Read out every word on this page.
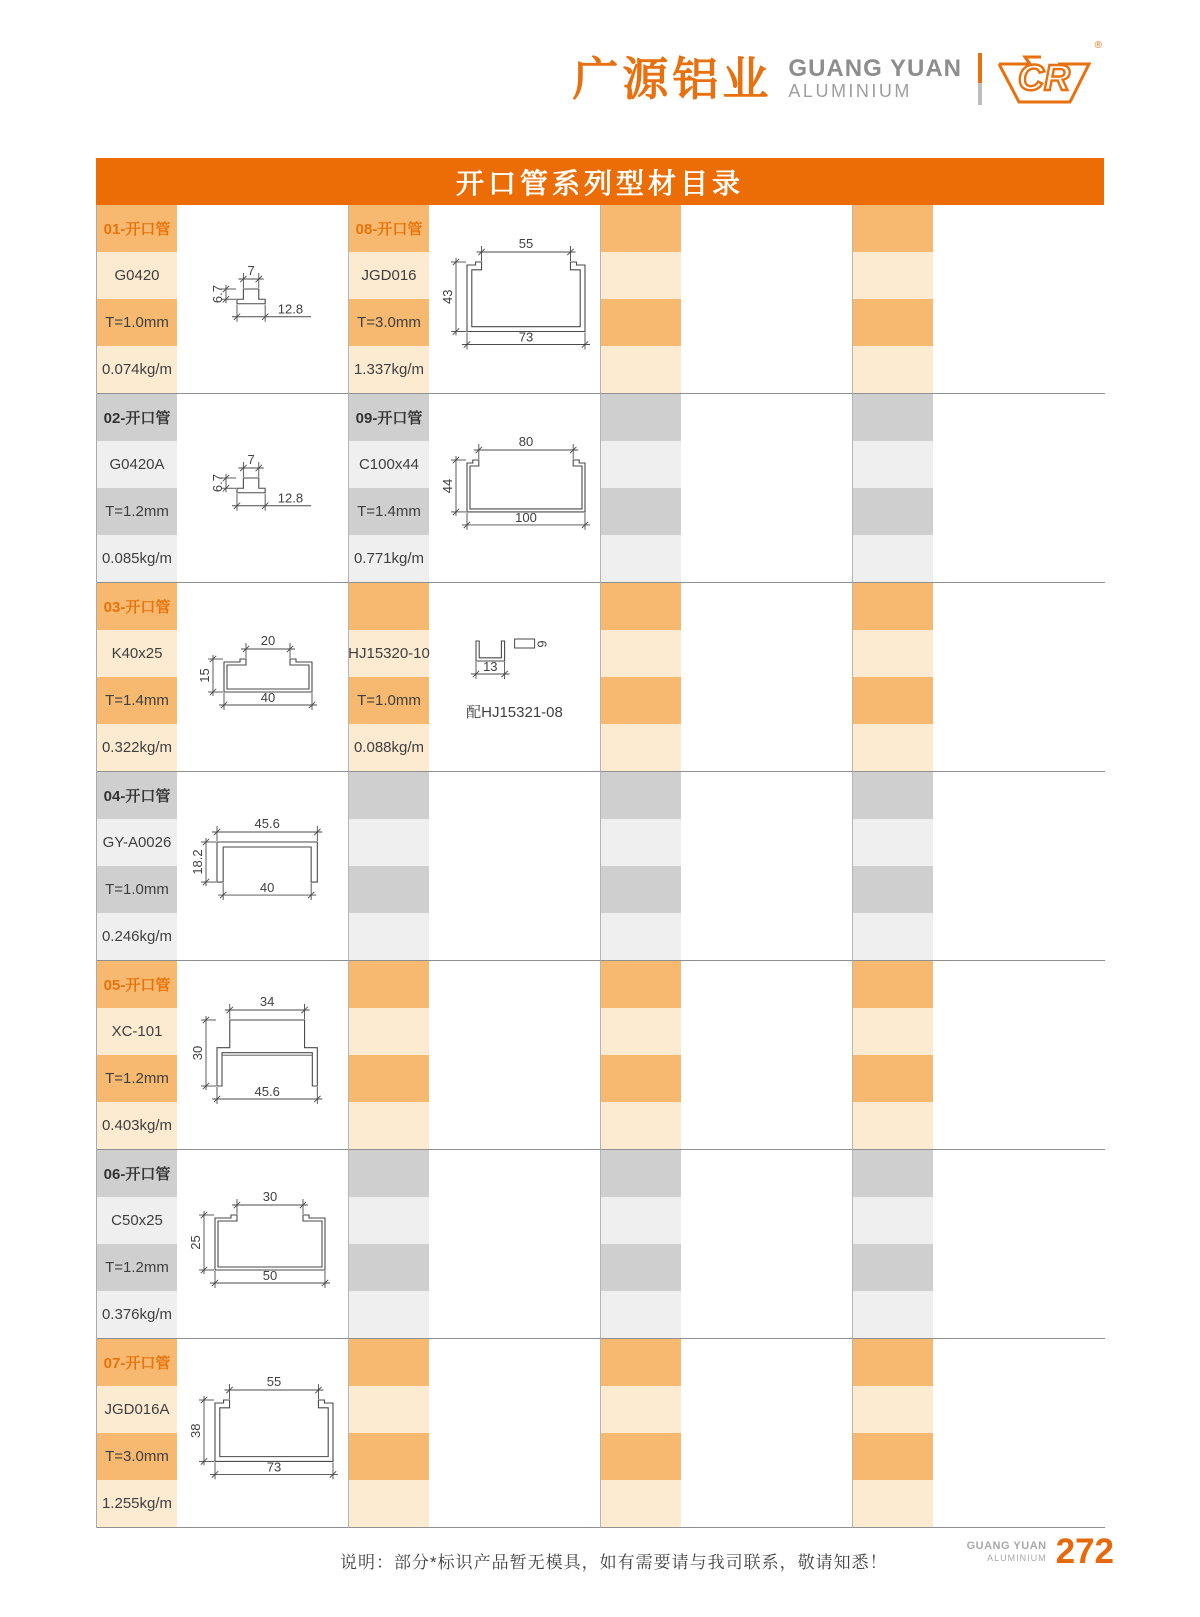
广源铝业 GUANG YUAN
ALUMINIUM	CR
®
开口管系列型材目录
01-开口管
G0420
T=1.0mm
0.074kg/m
7
6.7
12.8
08-开口管
JGD016
T=3.0mm
1.337kg/m
55
43
73
02-开口管
G0420A
T=1.2mm
0.085kg/m
7
6.7
12.8
09-开口管
C100x44
T=1.4mm
0.771kg/m
80
44
100
03-开口管
K40x25
T=1.4mm
0.322kg/m
20
15
40
HJ15320-10
T=1.0mm
0.088kg/m
13
9
配HJ15321-08
04-开口管
GY-A0026
T=1.0mm
0.246kg/m
45.6
18.2
40
05-开口管
XC-101
T=1.2mm
0.403kg/m
34
30
45.6
06-开口管
C50x25
T=1.2mm
0.376kg/m
30
25
50
07-开口管
JGD016A
T=3.0mm
1.255kg/m
55
38
73
说明：部分*标识产品暂无模具，如有需要请与我司联系，敬请知悉！
GUANG YUAN
ALUMINIUM 272
